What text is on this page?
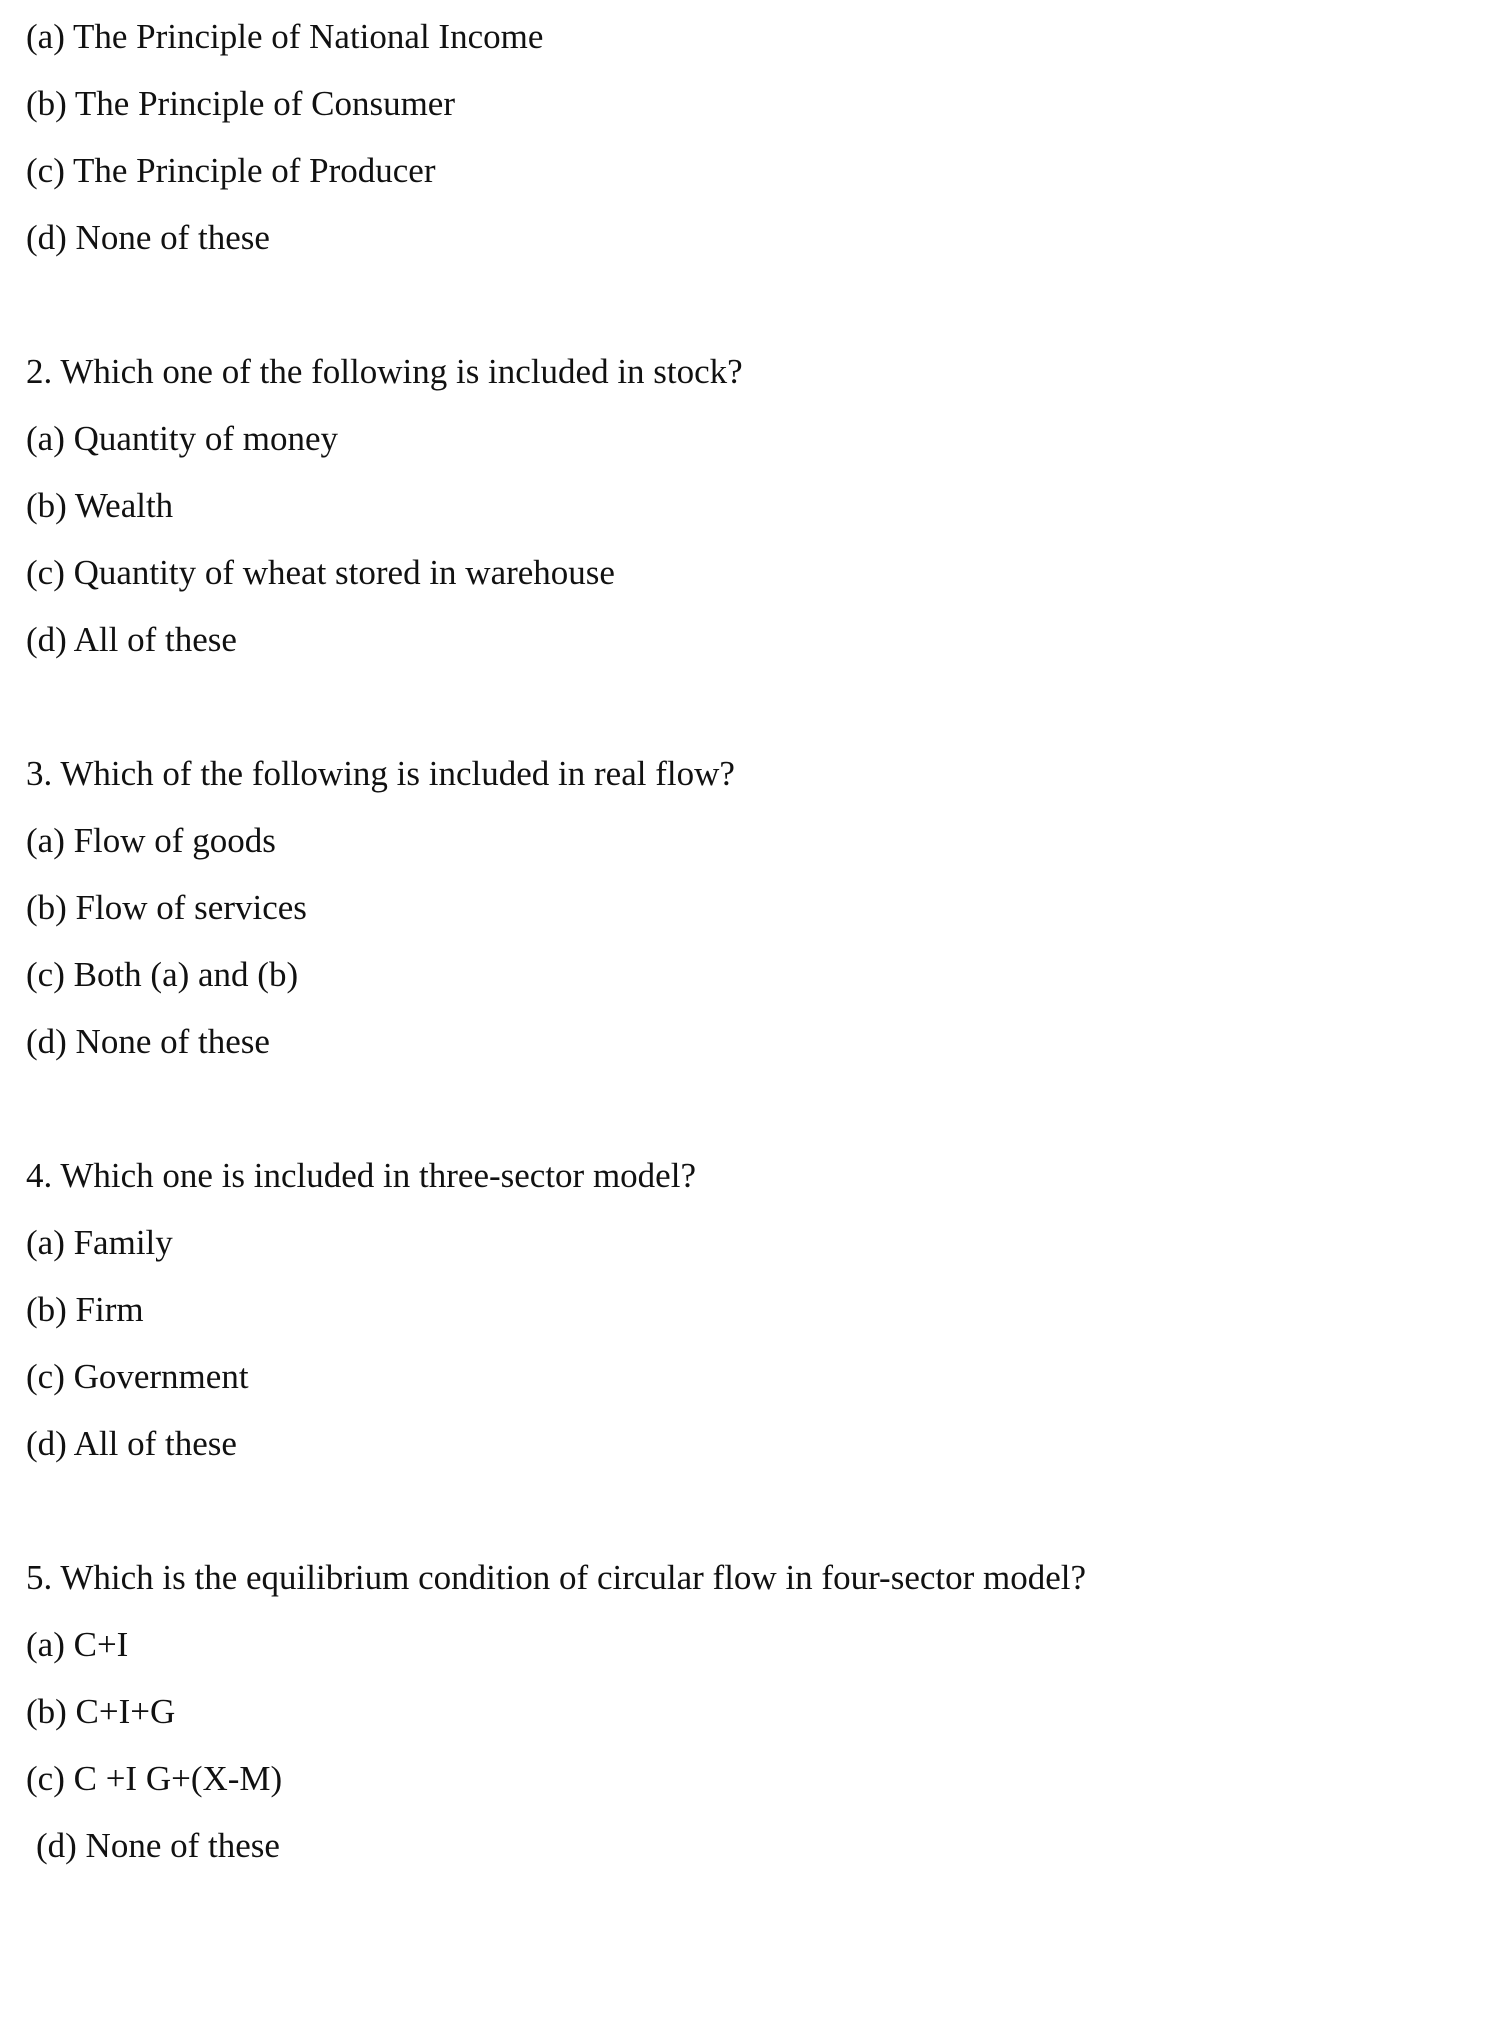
(a) The Principle of National Income
(b) The Principle of Consumer
(c) The Principle of Producer
(d) None of these
2. Which one of the following is included in stock?
(a) Quantity of money
(b) Wealth
(c) Quantity of wheat stored in warehouse
(d) All of these
3. Which of the following is included in real flow?
(a) Flow of goods
(b) Flow of services
(c) Both (a) and (b)
(d) None of these
4. Which one is included in three-sector model?
(a) Family
(b) Firm
(c) Government
(d) All of these
5. Which is the equilibrium condition of circular flow in four-sector model?
(a) C+I
(b) C+I+G
(c) C +I G+(X-M)
(d) None of these
